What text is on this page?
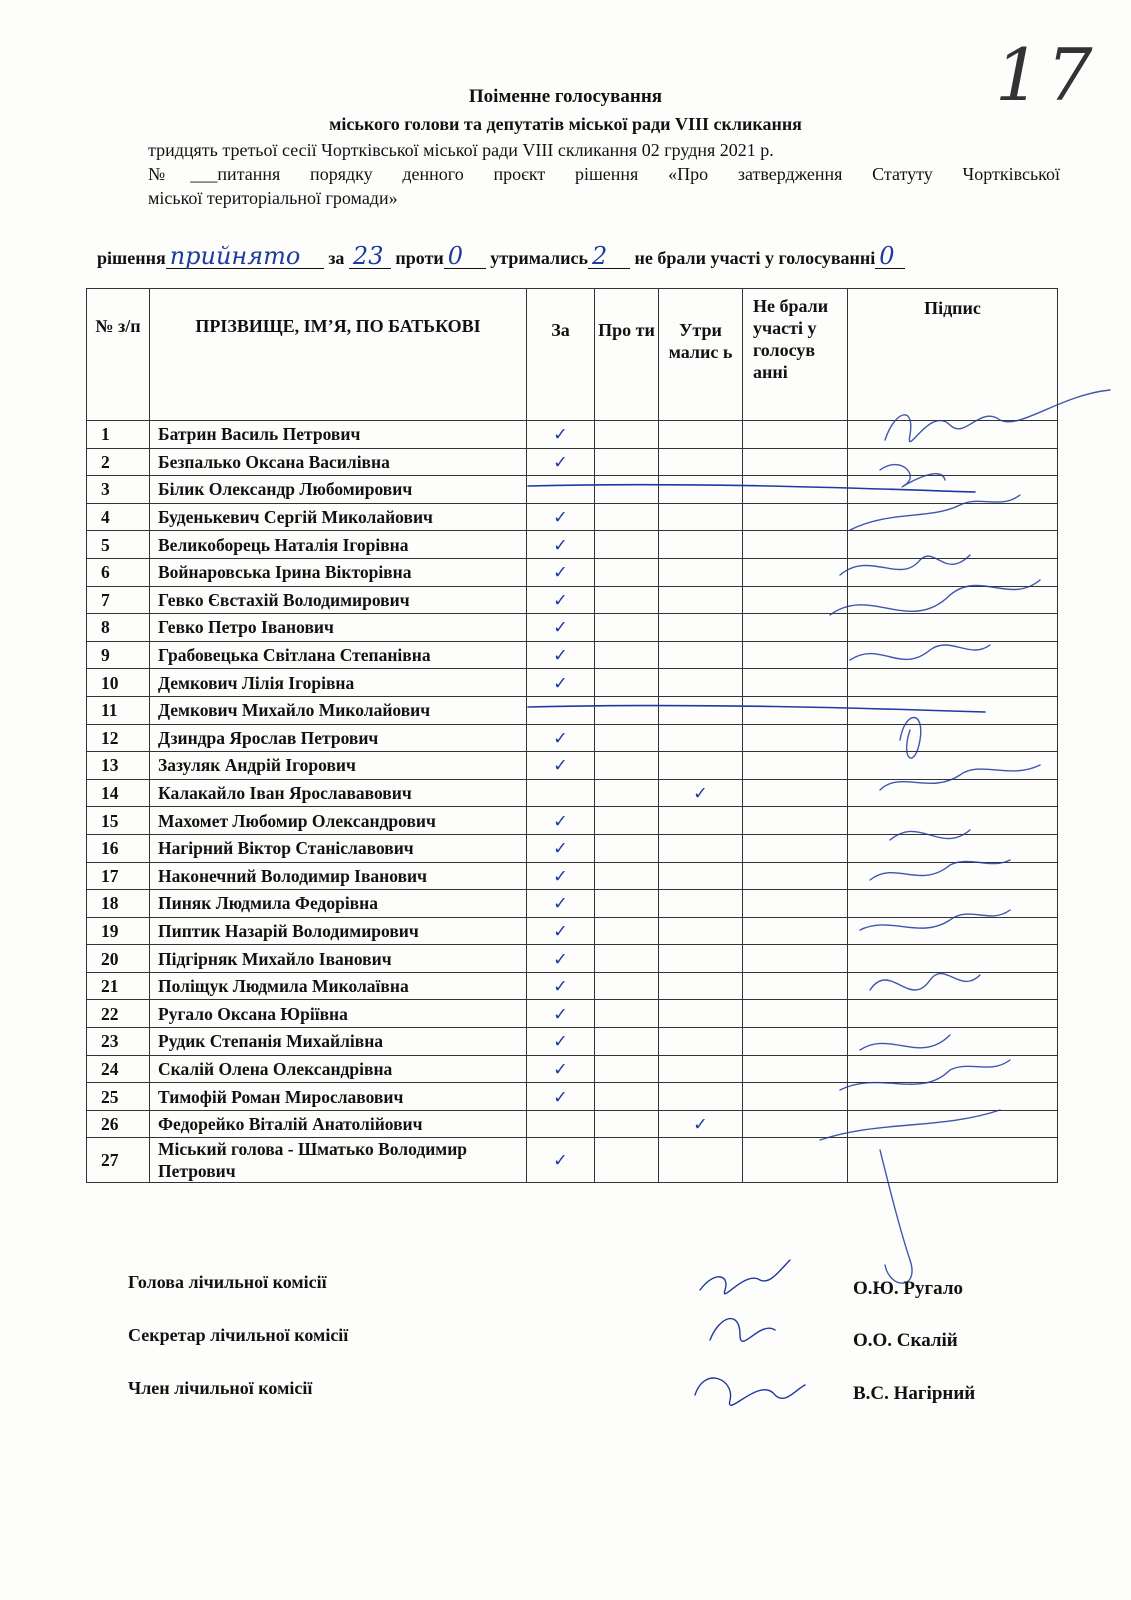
17
Поіменне голосування
міського голови та депутатів міської ради VIII скликання
тридцять третьої сесії Чортківської міської ради VIII скликання 02 грудня 2021 р.
№___питання порядку денного проєкт рішення «Про затвердження Статуту Чортківської
міської територіальної громади»
рішення прийнято за 23 проти 0 утримались 2 не брали участі у голосуванні 0
№ з/п	ПРІЗВИЩЕ, ІМ’Я, ПО БАТЬКОВІ	За	Про ти	Утри малис ь	Не брали участі у голосув анні	Підпис
1	Батрин Василь Петрович	✓				
2	Безпалько Оксана Василівна	✓				
3	Білик Олександр Любомирович					
4	Буденькевич Сергій Миколайович	✓				
5	Великоборець Наталія Ігорівна	✓				
6	Войнаровська Ірина Вікторівна	✓				
7	Гевко Євстахій Володимирович	✓				
8	Гевко Петро Іванович	✓				
9	Грабовецька Світлана Степанівна	✓				
10	Демкович Лілія Ігорівна	✓				
11	Демкович Михайло Миколайович					
12	Дзиндра Ярослав Петрович	✓				
13	Зазуляк Андрій Ігорович	✓				
14	Калакайло Іван Ярослававович			✓		
15	Махомет Любомир Олександрович	✓				
16	Нагірний Віктор Станіславович	✓				
17	Наконечний Володимир Іванович	✓				
18	Пиняк Людмила Федорівна	✓				
19	Пиптик Назарій Володимирович	✓				
20	Підгірняк Михайло Іванович	✓				
21	Поліщук Людмила Миколаївна	✓				
22	Ругало Оксана Юріївна	✓				
23	Рудик Степанія Михайлівна	✓				
24	Скалій Олена Олександрівна	✓				
25	Тимофій Роман Мирославович	✓				
26	Федорейко Віталій Анатолійович			✓		
27	Міський голова - Шматько Володимир Петрович	✓				
Голова лічильної комісії	О.Ю. Ругало
Секретар лічильної комісії	О.О. Скалій
Член лічильної комісії	В.С. Нагірний
